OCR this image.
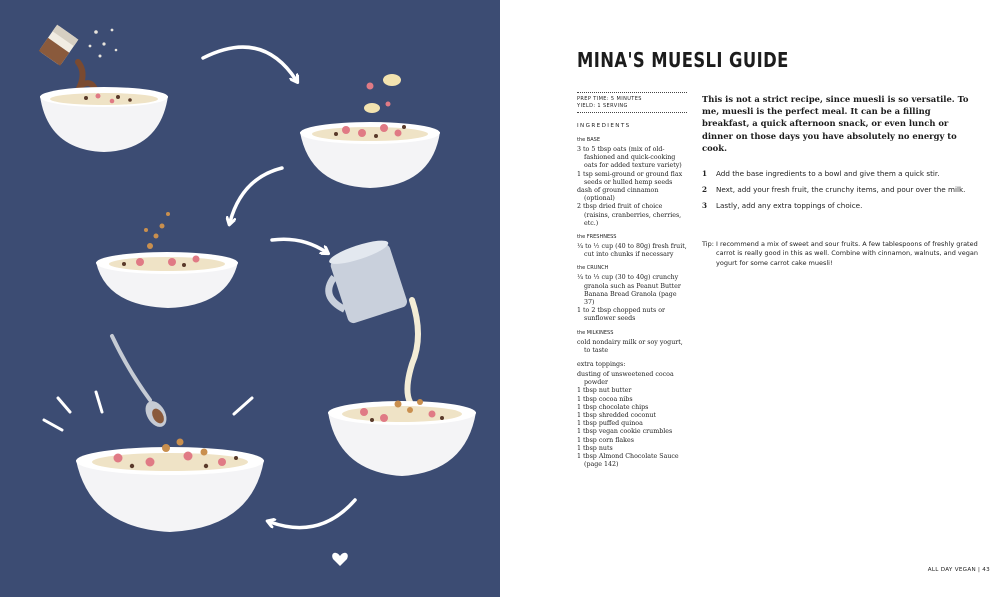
MINA'S MUESLI GUIDE
PREP TIME: 5 MINUTES
YIELD: 1 SERVING
INGREDIENTS
the BASE
3 to 5 tbsp oats (mix of old-fashioned and quick-cooking oats for added texture variety)
1 tsp semi-ground or ground flax seeds or hulled hemp seeds
dash of ground cinnamon (optional)
2 tbsp dried fruit of choice (raisins, cranberries, cherries, etc.)
the FRESHNESS
¼ to ½ cup (40 to 80g) fresh fruit, cut into chunks if necessary
the CRUNCH
¼ to ⅓ cup (30 to 40g) crunchy granola such as Peanut Butter Banana Bread Granola (page 37)
1 to 2 tbsp chopped nuts or sunflower seeds
the MILKINESS
cold nondairy milk or soy yogurt, to taste
extra toppings:
dusting of unsweetened cocoa powder
1 tbsp nut butter
1 tbsp cocoa nibs
1 tbsp chocolate chips
1 tbsp shredded coconut
1 tbsp puffed quinoa
1 tbsp vegan cookie crumbles
1 tbsp corn flakes
1 tbsp nuts
1 tbsp Almond Chocolate Sauce (page 142)
This is not a strict recipe, since muesli is so versatile. To me, muesli is the perfect meal. It can be a filling breakfast, a quick afternoon snack, or even lunch or dinner on those days you have absolutely no energy to cook.
1 Add the base ingredients to a bowl and give them a quick stir.
2 Next, add your fresh fruit, the crunchy items, and pour over the milk.
3 Lastly, add any extra toppings of choice.
Tip: I recommend a mix of sweet and sour fruits. A few tablespoons of freshly grated carrot is really good in this as well. Combine with cinnamon, walnuts, and vegan yogurt for some carrot cake muesli!
ALL DAY VEGAN | 43
